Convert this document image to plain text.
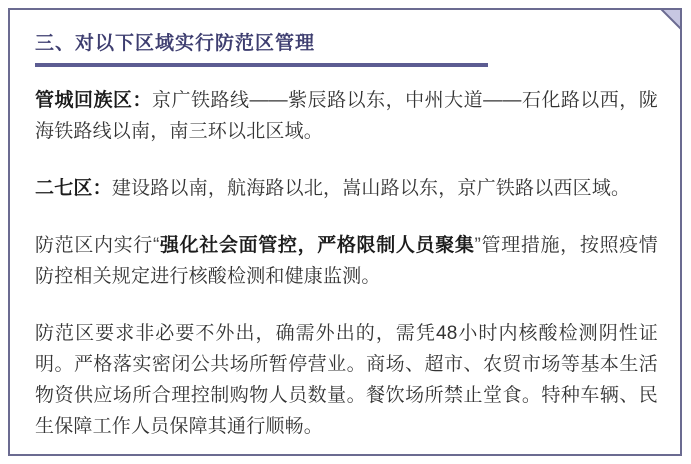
三、对以下区域实行防范区管理

管城回族区：京广铁路线——紫辰路以东，中州大道——石化路以西，陇海铁路线以南，南三环以北区域。

二七区：建设路以南，航海路以北，嵩山路以东，京广铁路以西区域。

防范区内实行“强化社会面管控，严格限制人员聚集”管理措施，按照疫情防控相关规定进行核酸检测和健康监测。

防范区要求非必要不外出，确需外出的，需凭48小时内核酸检测阴性证明。严格落实密闭公共场所暂停营业。商场、超市、农贸市场等基本生活物资供应场所合理控制购物人员数量。餐饮场所禁止堂食。特种车辆、民生保障工作人员保障其通行顺畅。
